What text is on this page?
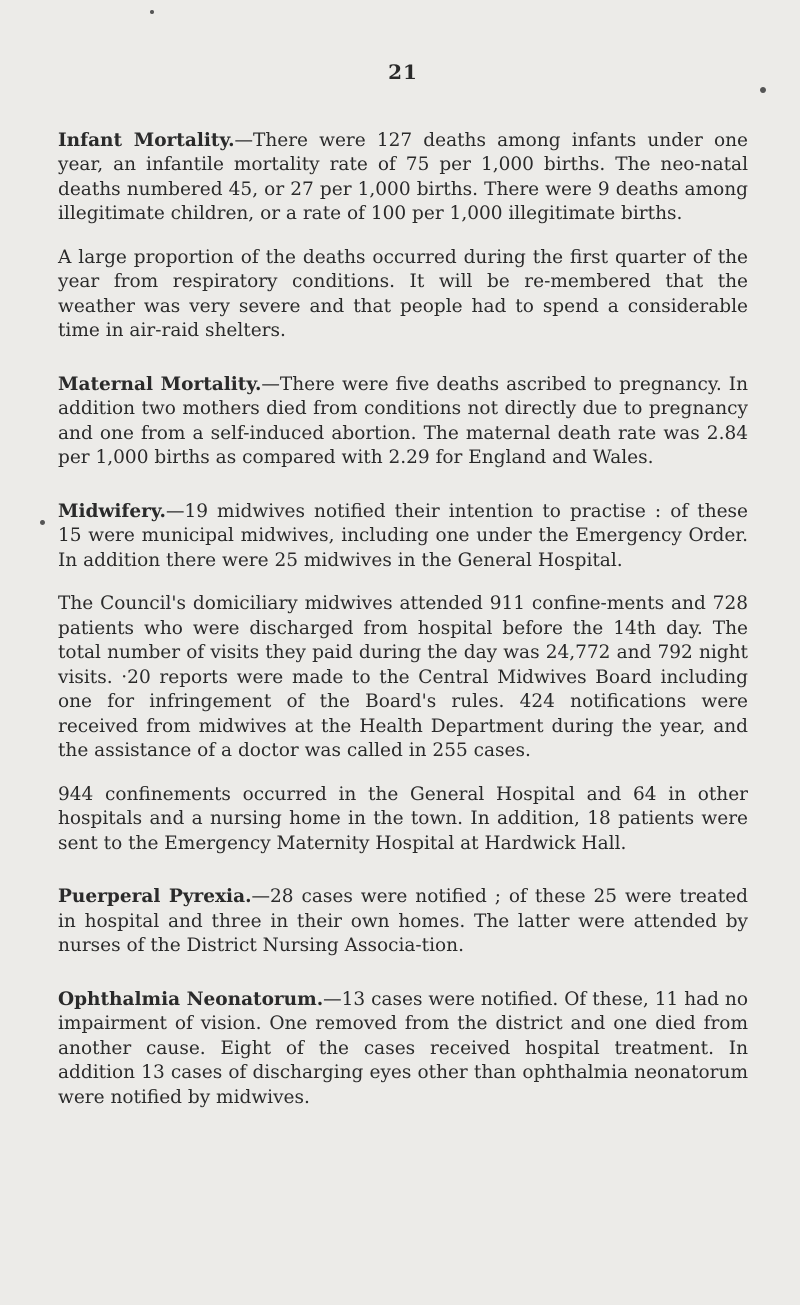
21

Infant Mortality.—There were 127 deaths among infants under one year, an infantile mortality rate of 75 per 1,000 births. The neo-natal deaths numbered 45, or 27 per 1,000 births. There were 9 deaths among illegitimate children, or a rate of 100 per 1,000 illegitimate births.

A large proportion of the deaths occurred during the first quarter of the year from respiratory conditions. It will be re-membered that the weather was very severe and that people had to spend a considerable time in air-raid shelters.

Maternal Mortality.—There were five deaths ascribed to pregnancy. In addition two mothers died from conditions not directly due to pregnancy and one from a self-induced abortion. The maternal death rate was 2.84 per 1,000 births as compared with 2.29 for England and Wales.

Midwifery.—19 midwives notified their intention to practise : of these 15 were municipal midwives, including one under the Emergency Order. In addition there were 25 midwives in the General Hospital.

The Council's domiciliary midwives attended 911 confine-ments and 728 patients who were discharged from hospital before the 14th day. The total number of visits they paid during the day was 24,772 and 792 night visits. ·20 reports were made to the Central Midwives Board including one for infringement of the Board's rules. 424 notifications were received from midwives at the Health Department during the year, and the assistance of a doctor was called in 255 cases.

944 confinements occurred in the General Hospital and 64 in other hospitals and a nursing home in the town. In addition, 18 patients were sent to the Emergency Maternity Hospital at Hardwick Hall.

Puerperal Pyrexia.—28 cases were notified ; of these 25 were treated in hospital and three in their own homes. The latter were attended by nurses of the District Nursing Associa-tion.

Ophthalmia Neonatorum.—13 cases were notified. Of these, 11 had no impairment of vision. One removed from the district and one died from another cause. Eight of the cases received hospital treatment. In addition 13 cases of discharging eyes other than ophthalmia neonatorum were notified by midwives.
